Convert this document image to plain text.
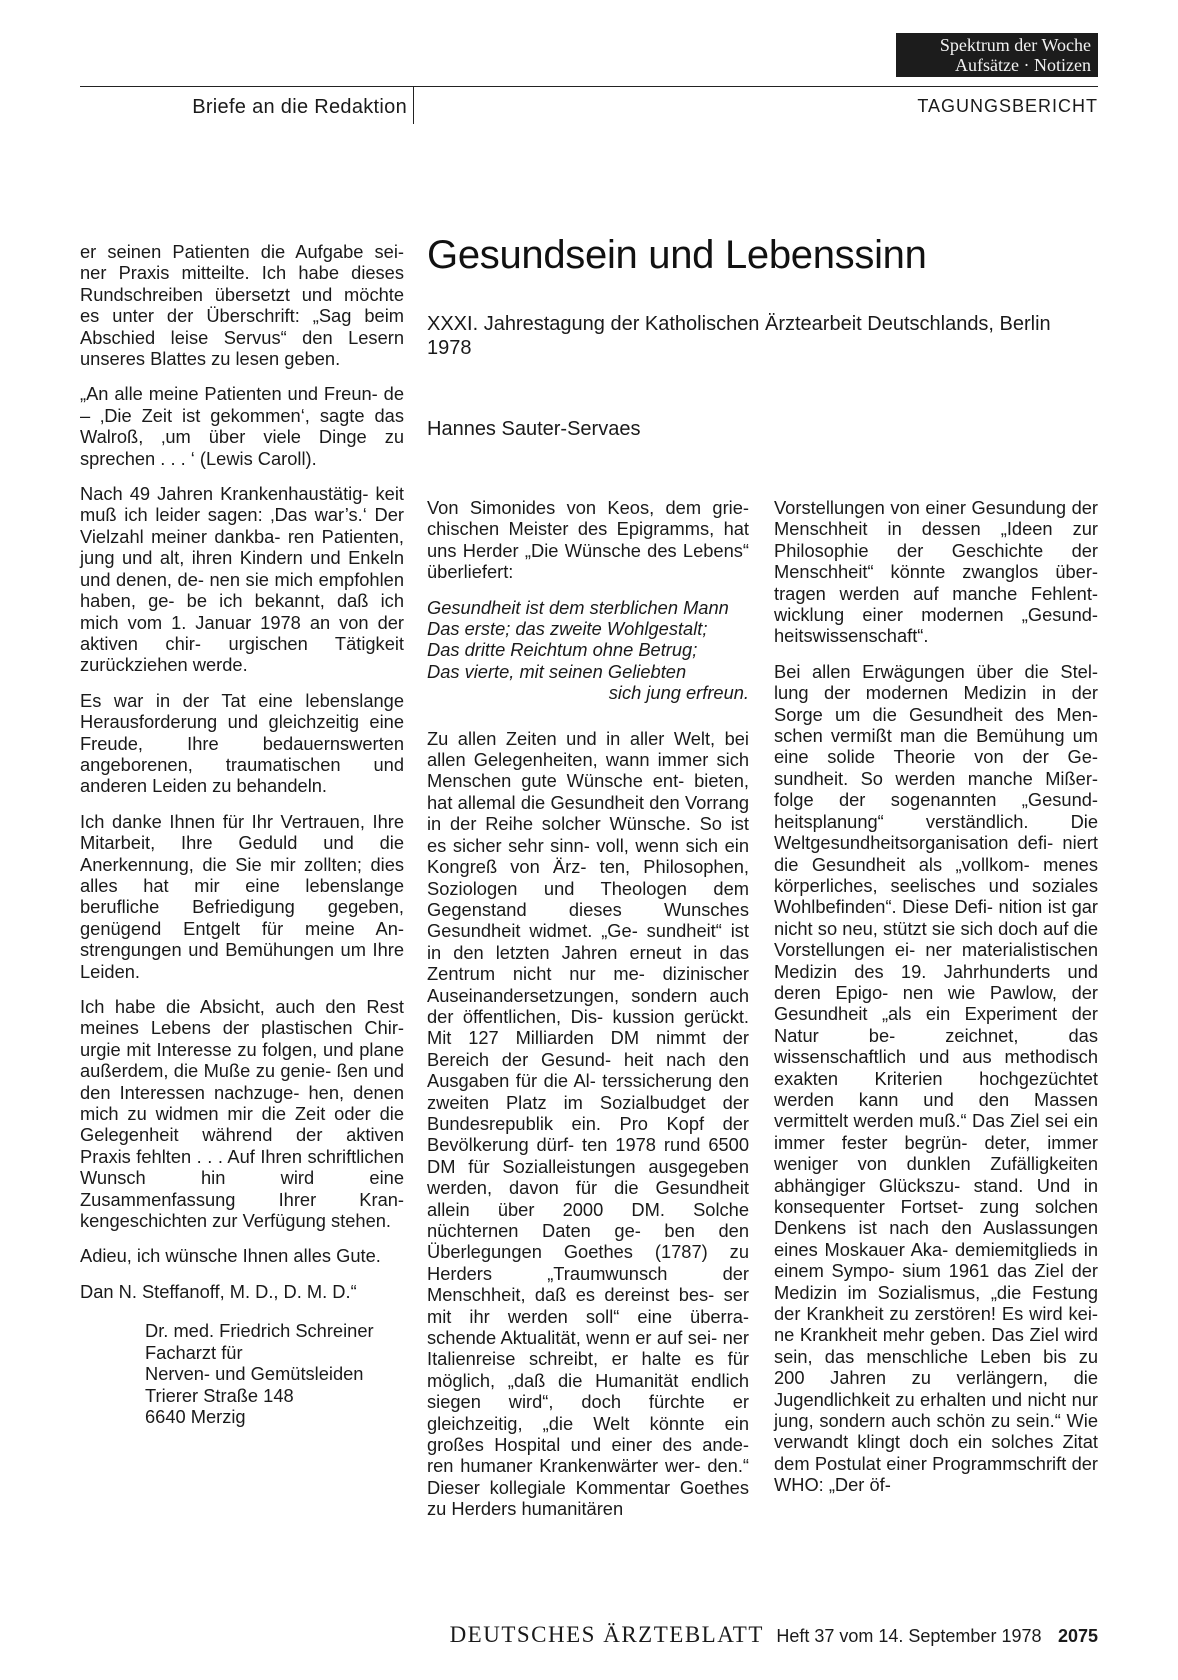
Spektrum der Woche
Aufsätze · Notizen
Briefe an die Redaktion	TAGUNGSBERICHT

er seinen Patienten die Aufgabe sei- ner Praxis mitteilte. Ich habe dieses Rundschreiben übersetzt und möchte es unter der Überschrift: „Sag beim Abschied leise Servus“ den Lesern unseres Blattes zu lesen geben.

„An alle meine Patienten und Freun- de – ‚Die Zeit ist gekommen‘, sagte das Walroß, ‚um über viele Dinge zu sprechen . . . ‘ (Lewis Caroll).

Nach 49 Jahren Krankenhaustätig- keit muß ich leider sagen: ‚Das war’s.‘ Der Vielzahl meiner dankba- ren Patienten, jung und alt, ihren Kindern und Enkeln und denen, de- nen sie mich empfohlen haben, ge- be ich bekannt, daß ich mich vom 1. Januar 1978 an von der aktiven chir- urgischen Tätigkeit zurückziehen werde.

Es war in der Tat eine lebenslange Herausforderung und gleichzeitig eine Freude, Ihre bedauernswerten angeborenen, traumatischen und anderen Leiden zu behandeln.

Ich danke Ihnen für Ihr Vertrauen, Ihre Mitarbeit, Ihre Geduld und die Anerkennung, die Sie mir zollten; dies alles hat mir eine lebenslange berufliche Befriedigung gegeben, genügend Entgelt für meine An- strengungen und Bemühungen um Ihre Leiden.

Ich habe die Absicht, auch den Rest meines Lebens der plastischen Chir- urgie mit Interesse zu folgen, und plane außerdem, die Muße zu genie- ßen und den Interessen nachzuge- hen, denen mich zu widmen mir die Zeit oder die Gelegenheit während der aktiven Praxis fehlten . . . Auf Ihren schriftlichen Wunsch hin wird eine Zusammenfassung Ihrer Kran- kengeschichten zur Verfügung stehen.

Adieu, ich wünsche Ihnen alles Gute.

Dan N. Steffanoff, M. D., D. M. D.“
Dr. med. Friedrich Schreiner
Facharzt für
Nerven- und Gemütsleiden
Trierer Straße 148
6640 Merzig
Gesundsein und Lebenssinn
XXXI. Jahrestagung der Katholischen Ärztearbeit Deutschlands, Berlin 1978
Hannes Sauter-Servaes

Von Simonides von Keos, dem grie- chischen Meister des Epigramms, hat uns Herder „Die Wünsche des Lebens“ überliefert:

Gesundheit ist dem sterblichen Mann
Das erste; das zweite Wohlgestalt;
Das dritte Reichtum ohne Betrug;
Das vierte, mit seinen Geliebten
sich jung erfreun.

Zu allen Zeiten und in aller Welt, bei allen Gelegenheiten, wann immer sich Menschen gute Wünsche ent- bieten, hat allemal die Gesundheit den Vorrang in der Reihe solcher Wünsche. So ist es sicher sehr sinn- voll, wenn sich ein Kongreß von Ärz- ten, Philosophen, Soziologen und Theologen dem Gegenstand dieses Wunsches Gesundheit widmet. „Ge- sundheit“ ist in den letzten Jahren erneut in das Zentrum nicht nur me- dizinischer Auseinandersetzungen, sondern auch der öffentlichen, Dis- kussion gerückt. Mit 127 Milliarden DM nimmt der Bereich der Gesund- heit nach den Ausgaben für die Al- terssicherung den zweiten Platz im Sozialbudget der Bundesrepublik ein. Pro Kopf der Bevölkerung dürf- ten 1978 rund 6500 DM für Sozialleistungen ausgegeben werden, davon für die Gesundheit allein über 2000 DM. Solche nüchternen Daten ge- ben den Überlegungen Goethes (1787) zu Herders „Traumwunsch der Menschheit, daß es dereinst bes- ser mit ihr werden soll“ eine überra- schende Aktualität, wenn er auf sei- ner Italienreise schreibt, er halte es für möglich, „daß die Humanität endlich siegen wird“, doch fürchte er gleichzeitig, „die Welt könnte ein großes Hospital und einer des ande- ren humaner Krankenwärter wer- den.“ Dieser kollegiale Kommentar Goethes zu Herders humanitären

Vorstellungen von einer Gesundung der Menschheit in dessen „Ideen zur Philosophie der Geschichte der Menschheit“ könnte zwanglos über- tragen werden auf manche Fehlent- wicklung einer modernen „Gesund- heitswissenschaft“.

Bei allen Erwägungen über die Stel- lung der modernen Medizin in der Sorge um die Gesundheit des Men- schen vermißt man die Bemühung um eine solide Theorie von der Ge- sundheit. So werden manche Mißer- folge der sogenannten „Gesund- heitsplanung“ verständlich. Die Weltgesundheitsorganisation defi- niert die Gesundheit als „vollkom- menes körperliches, seelisches und soziales Wohlbefinden“. Diese Defi- nition ist gar nicht so neu, stützt sie sich doch auf die Vorstellungen ei- ner materialistischen Medizin des 19. Jahrhunderts und deren Epigo- nen wie Pawlow, der Gesundheit „als ein Experiment der Natur be- zeichnet, das wissenschaftlich und aus methodisch exakten Kriterien hochgezüchtet werden kann und den Massen vermittelt werden muß.“ Das Ziel sei ein immer fester begrün- deter, immer weniger von dunklen Zufälligkeiten abhängiger Glückszu- stand. Und in konsequenter Fortset- zung solchen Denkens ist nach den Auslassungen eines Moskauer Aka- demiemitglieds in einem Sympo- sium 1961 das Ziel der Medizin im Sozialismus, „die Festung der Krankheit zu zerstören! Es wird kei- ne Krankheit mehr geben. Das Ziel wird sein, das menschliche Leben bis zu 200 Jahren zu verlängern, die Jugendlichkeit zu erhalten und nicht nur jung, sondern auch schön zu sein.“ Wie verwandt klingt doch ein solches Zitat dem Postulat einer Programmschrift der WHO: „Der öf-

DEUTSCHES ÄRZTEBLATT Heft 37 vom 14. September 1978 2075
